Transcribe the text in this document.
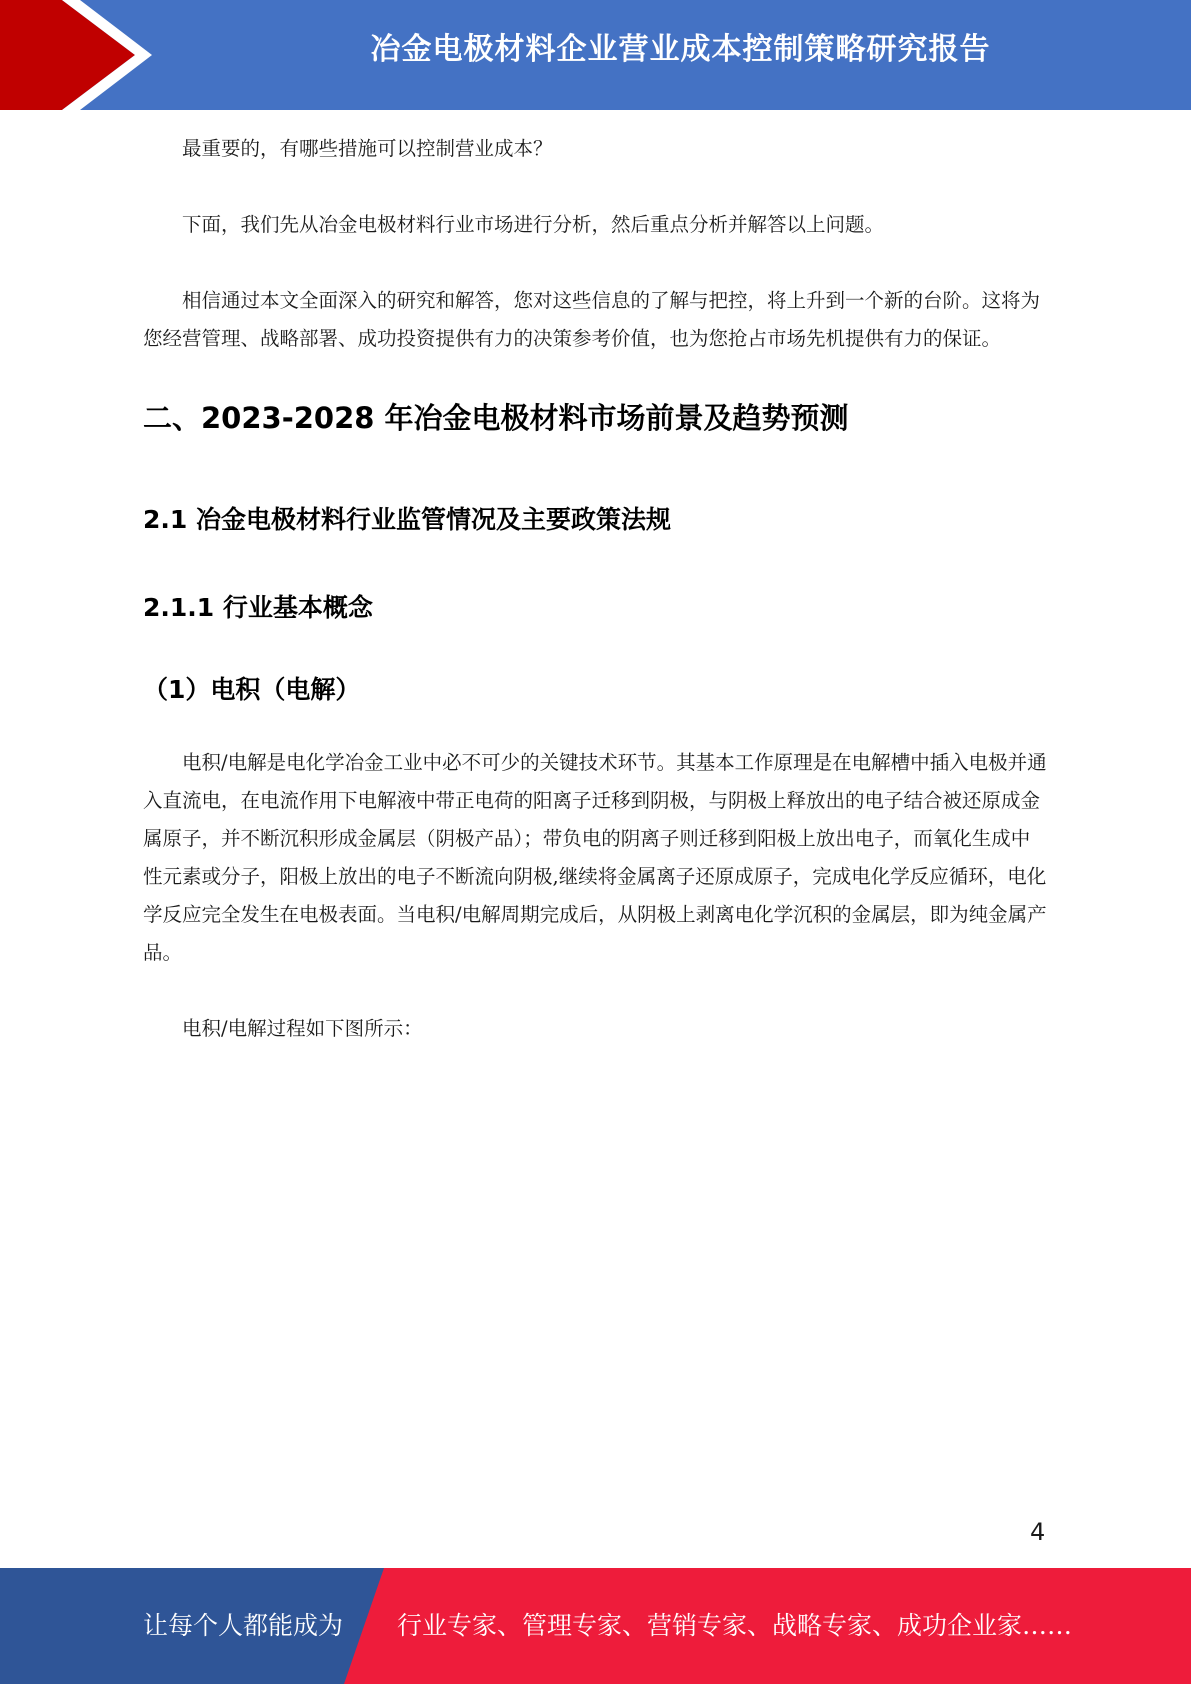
冶金电极材料企业营业成本控制策略研究报告

最重要的，有哪些措施可以控制营业成本？

下面，我们先从冶金电极材料行业市场进行分析，然后重点分析并解答以上问题。

相信通过本文全面深入的研究和解答，您对这些信息的了解与把控，将上升到一个新的台阶。这将为您经营管理、战略部署、成功投资提供有力的决策参考价值，也为您抢占市场先机提供有力的保证。

二、2023-2028 年冶金电极材料市场前景及趋势预测
2.1 冶金电极材料行业监管情况及主要政策法规
2.1.1 行业基本概念
（1）电积（电解）

电积/电解是电化学冶金工业中必不可少的关键技术环节。其基本工作原理是在电解槽中插入电极并通入直流电，在电流作用下电解液中带正电荷的阳离子迁移到阴极，与阴极上释放出的电子结合被还原成金属原子，并不断沉积形成金属层（阴极产品）；带负电的阴离子则迁移到阳极上放出电子，而氧化生成中性元素或分子，阳极上放出的电子不断流向阴极,继续将金属离子还原成原子，完成电化学反应循环，电化学反应完全发生在电极表面。当电积/电解周期完成后，从阴极上剥离电化学沉积的金属层，即为纯金属产品。

电积/电解过程如下图所示：

4
让每个人都能成为 行业专家、管理专家、营销专家、战略专家、成功企业家……
